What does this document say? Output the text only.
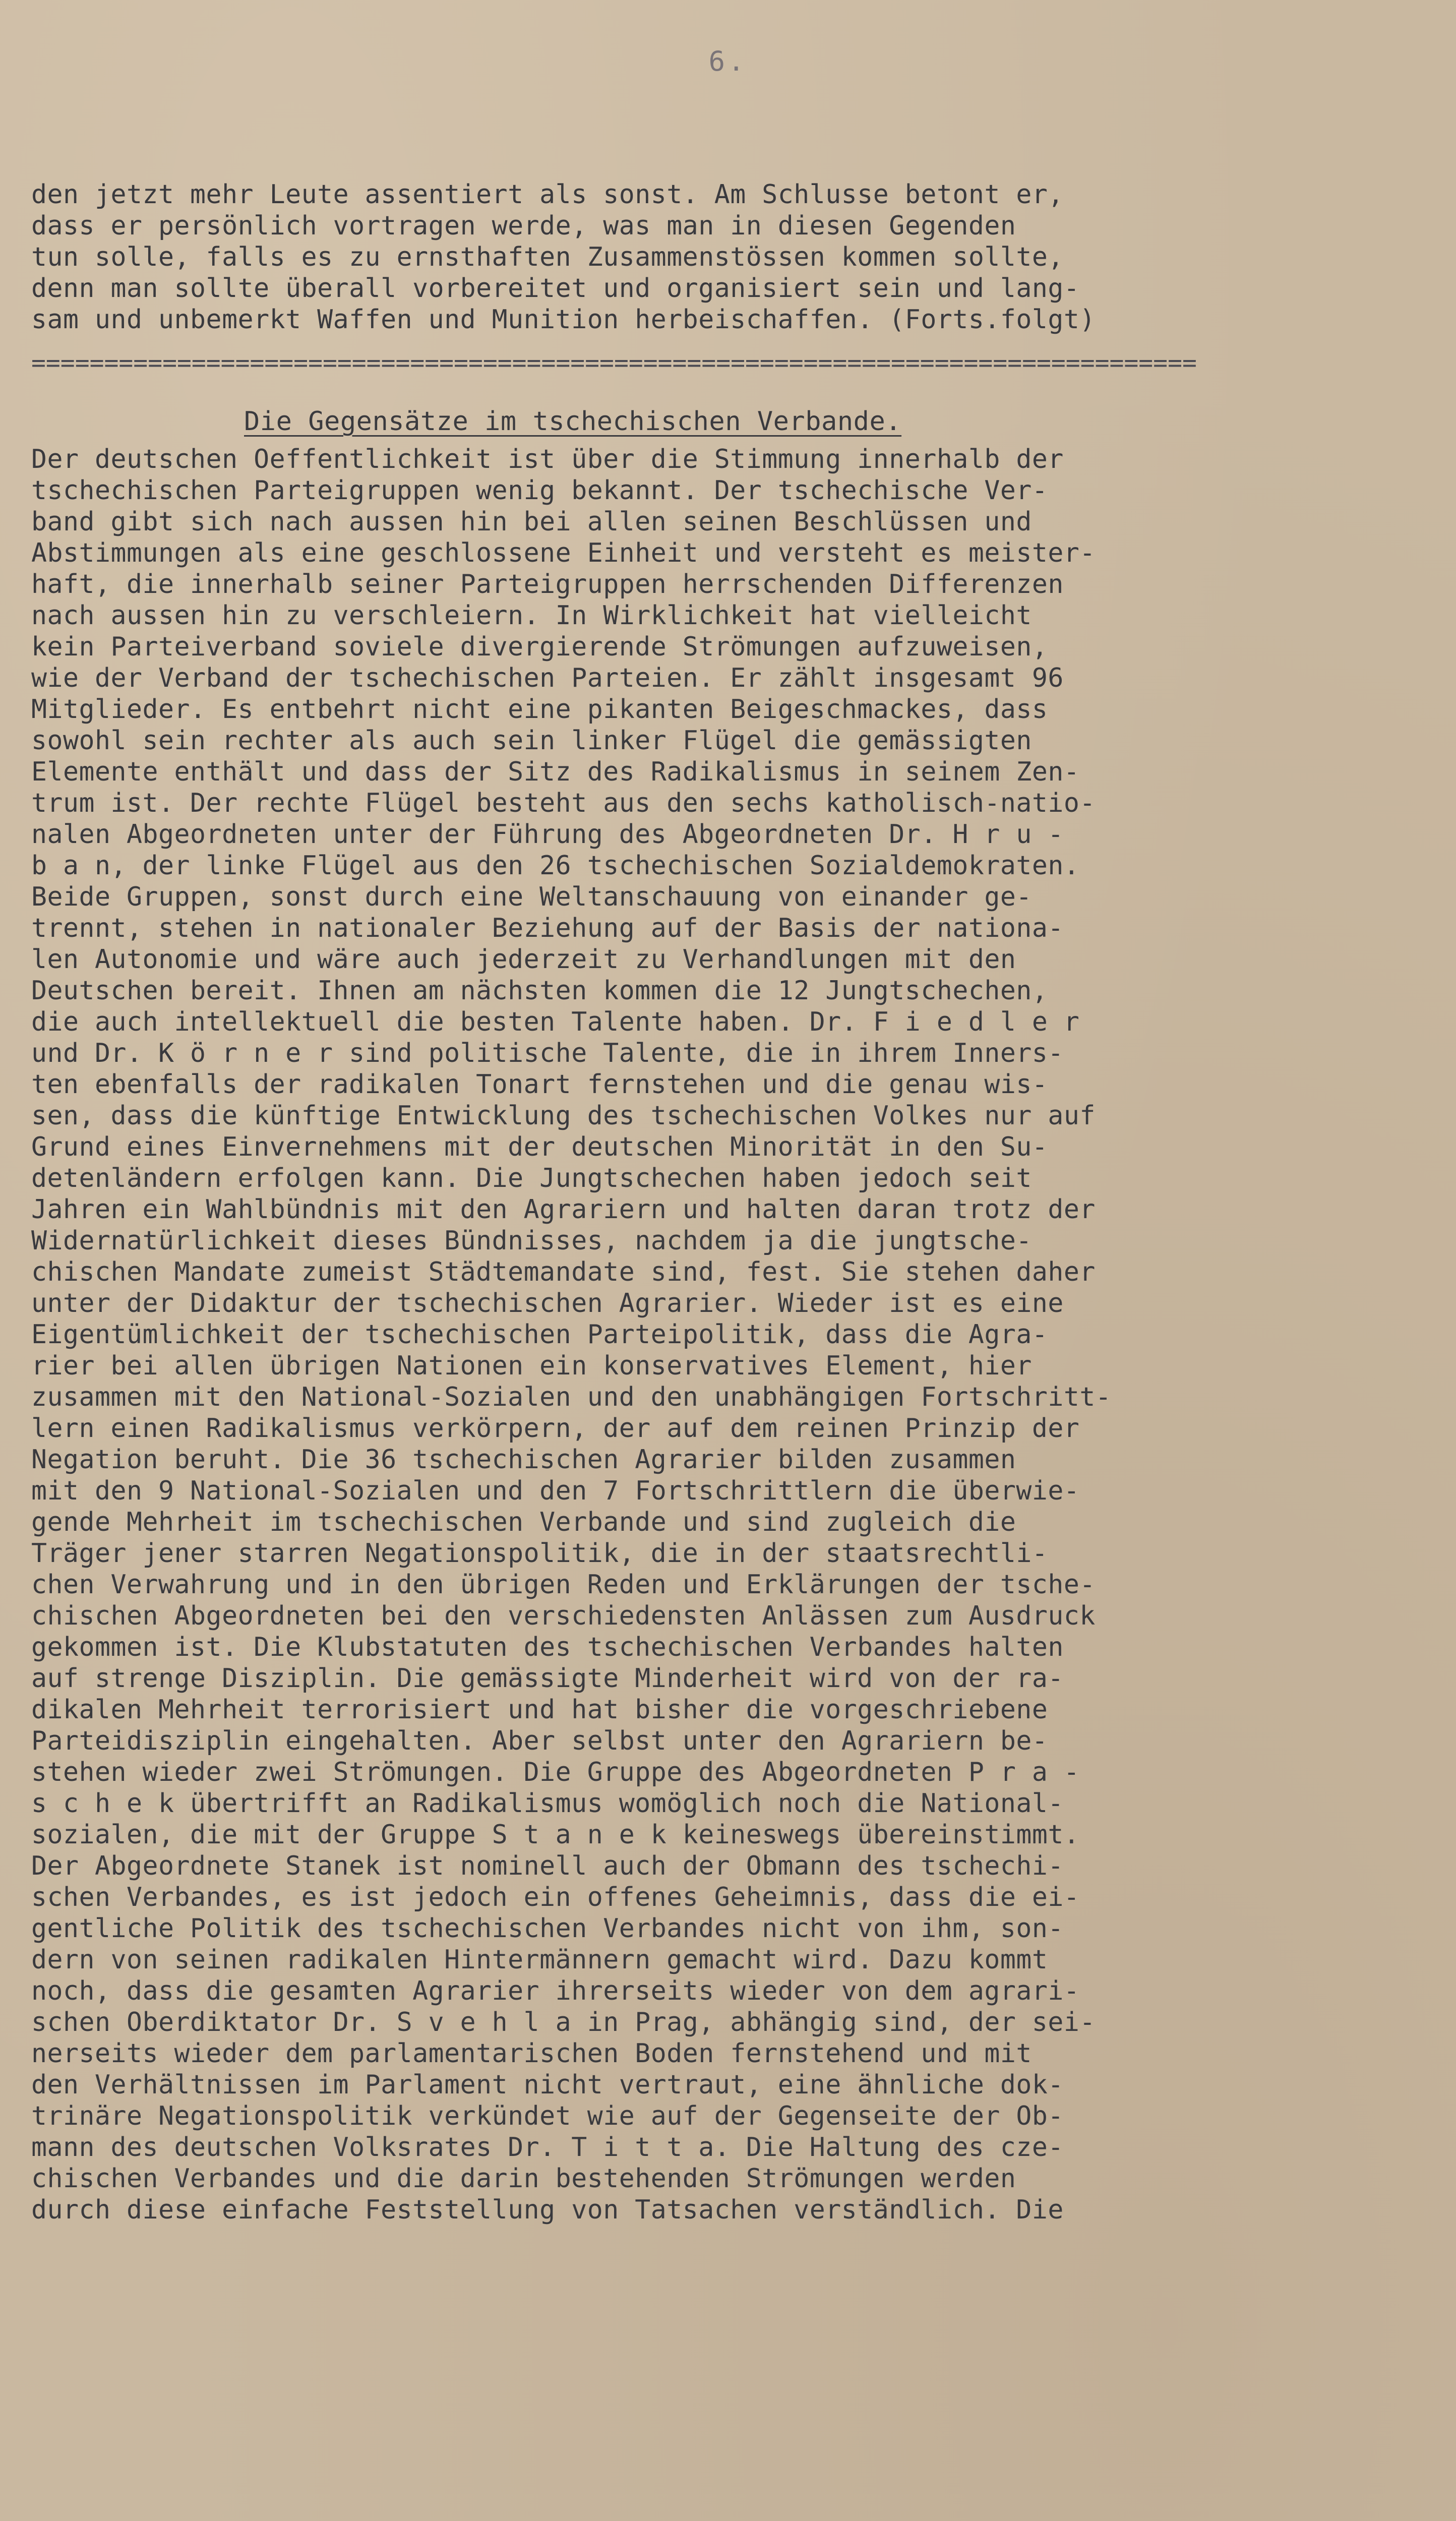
6.
den jetzt mehr Leute assentiert als sonst. Am Schlusse betont er,
dass er persönlich vortragen werde, was man in diesen Gegenden
tun solle, falls es zu ernsthaften Zusammenstössen kommen sollte,
denn man sollte überall vorbereitet und organisiert sein und lang-
sam und unbemerkt Waffen und Munition herbeischaffen. (Forts.folgt)
================================================================================
Die Gegensätze im tschechischen Verbande.
Der deutschen Oeffentlichkeit ist über die Stimmung innerhalb der
tschechischen Parteigruppen wenig bekannt. Der tschechische Ver-
band gibt sich nach aussen hin bei allen seinen Beschlüssen und
Abstimmungen als eine geschlossene Einheit und versteht es meister-
haft, die innerhalb seiner Parteigruppen herrschenden Differenzen
nach aussen hin zu verschleiern. In Wirklichkeit hat vielleicht
kein Parteiverband soviele divergierende Strömungen aufzuweisen,
wie der Verband der tschechischen Parteien. Er zählt insgesamt 96
Mitglieder. Es entbehrt nicht eine pikanten Beigeschmackes, dass
sowohl sein rechter als auch sein linker Flügel die gemässigten
Elemente enthält und dass der Sitz des Radikalismus in seinem Zen-
trum ist. Der rechte Flügel besteht aus den sechs katholisch-natio-
nalen Abgeordneten unter der Führung des Abgeordneten Dr. H r u -
b a n, der linke Flügel aus den 26 tschechischen Sozialdemokraten.
Beide Gruppen, sonst durch eine Weltanschauung von einander ge-
trennt, stehen in nationaler Beziehung auf der Basis der nationa-
len Autonomie und wäre auch jederzeit zu Verhandlungen mit den
Deutschen bereit. Ihnen am nächsten kommen die 12 Jungtschechen,
die auch intellektuell die besten Talente haben. Dr. F i e d l e r
und Dr. K ö r n e r sind politische Talente, die in ihrem Inners-
ten ebenfalls der radikalen Tonart fernstehen und die genau wis-
sen, dass die künftige Entwicklung des tschechischen Volkes nur auf
Grund eines Einvernehmens mit der deutschen Minorität in den Su-
detenländern erfolgen kann. Die Jungtschechen haben jedoch seit
Jahren ein Wahlbündnis mit den Agrariern und halten daran trotz der
Widernatürlichkeit dieses Bündnisses, nachdem ja die jungtsche-
chischen Mandate zumeist Städtemandate sind, fest. Sie stehen daher
unter der Didaktur der tschechischen Agrarier. Wieder ist es eine
Eigentümlichkeit der tschechischen Parteipolitik, dass die Agra-
rier bei allen übrigen Nationen ein konservatives Element, hier
zusammen mit den National-Sozialen und den unabhängigen Fortschritt-
lern einen Radikalismus verkörpern, der auf dem reinen Prinzip der
Negation beruht. Die 36 tschechischen Agrarier bilden zusammen
mit den 9 National-Sozialen und den 7 Fortschrittlern die überwie-
gende Mehrheit im tschechischen Verbande und sind zugleich die
Träger jener starren Negationspolitik, die in der staatsrechtli-
chen Verwahrung und in den übrigen Reden und Erklärungen der tsche-
chischen Abgeordneten bei den verschiedensten Anlässen zum Ausdruck
gekommen ist. Die Klubstatuten des tschechischen Verbandes halten
auf strenge Disziplin. Die gemässigte Minderheit wird von der ra-
dikalen Mehrheit terrorisiert und hat bisher die vorgeschriebene
Parteidisziplin eingehalten. Aber selbst unter den Agrariern be-
stehen wieder zwei Strömungen. Die Gruppe des Abgeordneten P r a -
s c h e k übertrifft an Radikalismus womöglich noch die National-
sozialen, die mit der Gruppe S t a n e k keineswegs übereinstimmt.
Der Abgeordnete Stanek ist nominell auch der Obmann des tschechi-
schen Verbandes, es ist jedoch ein offenes Geheimnis, dass die ei-
gentliche Politik des tschechischen Verbandes nicht von ihm, son-
dern von seinen radikalen Hintermännern gemacht wird. Dazu kommt
noch, dass die gesamten Agrarier ihrerseits wieder von dem agrari-
schen Oberdiktator Dr. S v e h l a in Prag, abhängig sind, der sei-
nerseits wieder dem parlamentarischen Boden fernstehend und mit
den Verhältnissen im Parlament nicht vertraut, eine ähnliche dok-
trinäre Negationspolitik verkündet wie auf der Gegenseite der Ob-
mann des deutschen Volksrates Dr. T i t t a. Die Haltung des cze-
chischen Verbandes und die darin bestehenden Strömungen werden
durch diese einfache Feststellung von Tatsachen verständlich. Die
